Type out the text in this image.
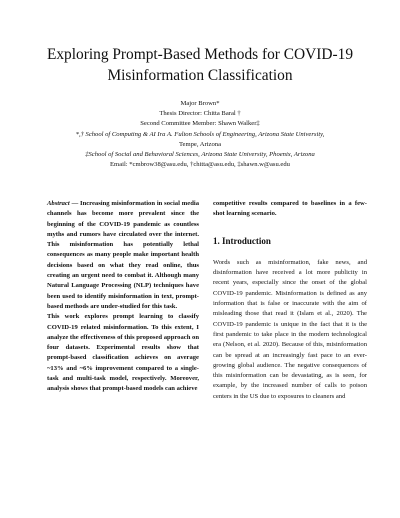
Exploring Prompt-Based Methods for COVID-19 Misinformation Classification
Major Brown*
Thesis Director: Chitta Baral †
Second Committee Member: Shawn Walker‡
*,† School of Computing & AI Ira A. Fulton Schools of Engineering, Arizona State University,
Tempe, Arizona
‡School of Social and Behavioral Sciences, Arizona State University, Phoenix, Arizona
Email: *cmbrow38@asu.edu, †chitta@asu.edu, ‡shawn.w@asu.edu

Abstract — Increasing misinformation in social media channels has become more prevalent since the beginning of the COVID-19 pandemic as countless myths and rumors have circulated over the internet. This misinformation has potentially lethal consequences as many people make important health decisions based on what they read online, thus creating an urgent need to combat it. Although many Natural Language Processing (NLP) techniques have been used to identify misinformation in text, prompt-based methods are under-studied for this task.

This work explores prompt learning to classify COVID-19 related misinformation. To this extent, I analyze the effectiveness of this proposed approach on four datasets. Experimental results show that prompt-based classification achieves on average ~13% and ~6% improvement compared to a single-task and multi-task model, respectively. Moreover, analysis shows that prompt-based models can achieve

competitive results compared to baselines in a few-shot learning scenario.

1. Introduction

Words such as misinformation, fake news, and disinformation have received a lot more publicity in recent years, especially since the onset of the global COVID-19 pandemic. Misinformation is defined as any information that is false or inaccurate with the aim of misleading those that read it (Islam et al., 2020). The COVID-19 pandemic is unique in the fact that it is the first pandemic to take place in the modern technological era (Nelson, et al. 2020). Because of this, misinformation can be spread at an increasingly fast pace to an ever-growing global audience. The negative consequences of this misinformation can be devastating, as is seen, for example, by the increased number of calls to poison centers in the US due to exposures to cleaners and
